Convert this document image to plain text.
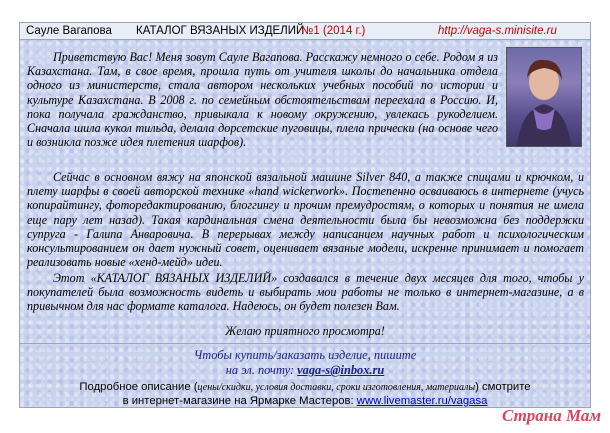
Сауле Вагапова КАТАЛОГ ВЯЗАНЫХ ИЗДЕЛИЙ
№1 (2014 г.)	http://vaga-s.minisite.ru

Приветствую Вас! Меня зовут Сауле Вагапова. Расскажу немного о себе. Родом я из Казахстана. Там, в свое время, прошла путь от учителя школы до начальника отдела одного из министерств, стала автором нескольких учебных пособий по истории и культуре Казахстана. В 2008 г. по семейным обстоятельствам переехала в Россию. И, пока получала гражданство, привыкала к новому окружению, увлекась рукоделием. Сначала шила кукол тильда, делала дорсетские пуговицы, плела прически (на основе чего и возникла позже идея плетения шарфов).

Сейчас в основном вяжу на японской вязальной машине Silver 840, а также спицами и крючком, и плету шарфы в своей авторской технике «hand wickerwork». Постепенно осваиваюсь в интернете (учусь копирайтингу, фоторедактированию, блоггингу и прочим премудростям, о которых и понятия не имела еще пару лет назад). Такая кардинальная смена деятельности была бы невозможна без поддержки супруга - Галипа Анваровича. В перерывах между написанием научных работ и психологическим консультированием он дает нужный совет, оценивает вязаные модели, искренне принимает и помогает реализовать новые «хенд-мейд» идеи.

Этот «КАТАЛОГ ВЯЗАНЫХ ИЗДЕЛИЙ» создавался в течение двух месяцев для того, чтобы у покупателей была возможность видеть и выбирать мои работы не только в интернет-магазине, а в привычном для нас формате каталога. Надеюсь, он будет полезен Вам.

Желаю приятного просмотра!
Чтобы купить/заказать изделие, пишите
на эл. почту: vaga-s@inbox.ru
Подробное описание (цены/скидки, условия доставки, сроки изготовления, материалы) смотрите
в интернет-магазине на Ярмарке Мастеров: www.livemaster.ru/vagasa
Страна Мам
